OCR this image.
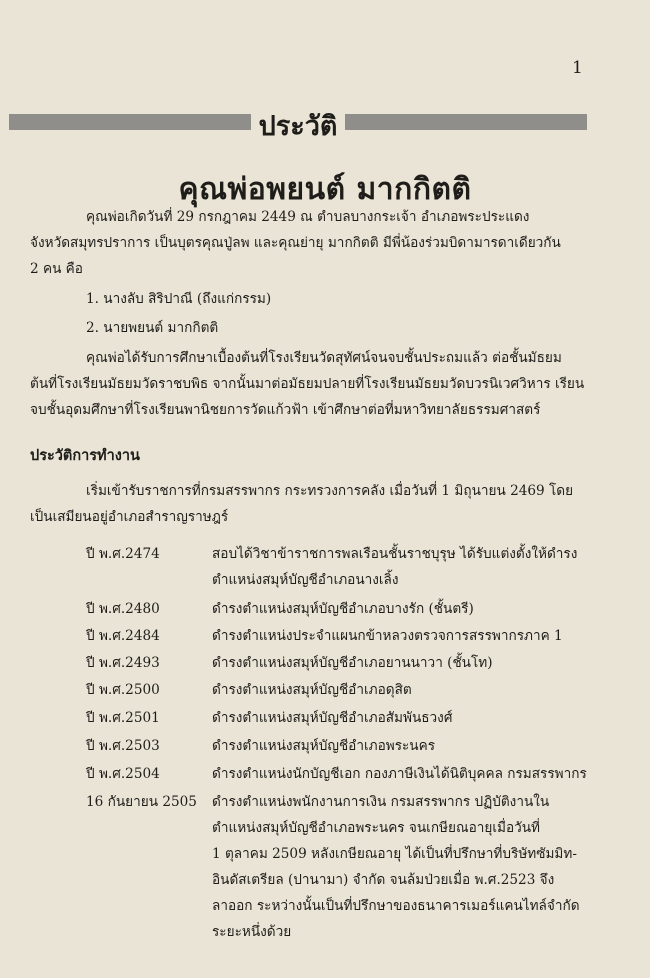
1
ประวัติ
คุณพ่อพยนต์ มากกิตติ
คุณพ่อเกิดวันที่ 29 กรกฎาคม 2449 ณ ตำบลบางกระเจ้า อำเภอพระประแดง
จังหวัดสมุทรปราการ เป็นบุตรคุณปู่ลพ และคุณย่ายุ มากกิตติ มีพี่น้องร่วมบิดามารดาเดียวกัน
2 คน คือ
1. นางลับ สิริปาณี (ถึงแก่กรรม)
2. นายพยนต์ มากกิตติ
คุณพ่อได้รับการศึกษาเบื้องต้นที่โรงเรียนวัดสุทัศน์จนจบชั้นประถมแล้ว ต่อชั้นมัธยม
ต้นที่โรงเรียนมัธยมวัดราชบพิธ จากนั้นมาต่อมัธยมปลายที่โรงเรียนมัธยมวัดบวรนิเวศวิหาร เรียน
จบชั้นอุดมศึกษาที่โรงเรียนพานิชยการวัดแก้วฟ้า เข้าศึกษาต่อที่มหาวิทยาลัยธรรมศาสตร์
ประวัติการทำงาน
เริ่มเข้ารับราชการที่กรมสรรพากร กระทรวงการคลัง เมื่อวันที่ 1 มิถุนายน 2469 โดย
เป็นเสมียนอยู่อำเภอสำราญราษฎร์
ปี พ.ศ.2474	สอบได้วิชาข้าราชการพลเรือนชั้นราชบุรุษ ได้รับแต่งตั้งให้ดำรง
ตำแหน่งสมุห์บัญชีอำเภอนางเลิ้ง
ปี พ.ศ.2480	ดำรงตำแหน่งสมุห์บัญชีอำเภอบางรัก (ชั้นตรี)
ปี พ.ศ.2484	ดำรงตำแหน่งประจำแผนกข้าหลวงตรวจการสรรพากรภาค 1
ปี พ.ศ.2493	ดำรงตำแหน่งสมุห์บัญชีอำเภอยานนาวา (ชั้นโท)
ปี พ.ศ.2500	ดำรงตำแหน่งสมุห์บัญชีอำเภอดุสิต
ปี พ.ศ.2501	ดำรงตำแหน่งสมุห์บัญชีอำเภอสัมพันธวงศ์
ปี พ.ศ.2503	ดำรงตำแหน่งสมุห์บัญชีอำเภอพระนคร
ปี พ.ศ.2504	ดำรงตำแหน่งนักบัญชีเอก กองภาษีเงินได้นิติบุคคล กรมสรรพากร
16 กันยายน 2505	ดำรงตำแหน่งพนักงานการเงิน กรมสรรพากร ปฏิบัติงานใน
ตำแหน่งสมุห์บัญชีอำเภอพระนคร จนเกษียณอายุเมื่อวันที่
1 ตุลาคม 2509 หลังเกษียณอายุ ได้เป็นที่ปรึกษาที่บริษัทซัมมิท-
อินดัสเตรียล (ปานามา) จำกัด จนล้มป่วยเมื่อ พ.ศ.2523 จึง
ลาออก ระหว่างนั้นเป็นที่ปรึกษาของธนาคารเมอร์แคนไทล์จำกัด
ระยะหนึ่งด้วย
